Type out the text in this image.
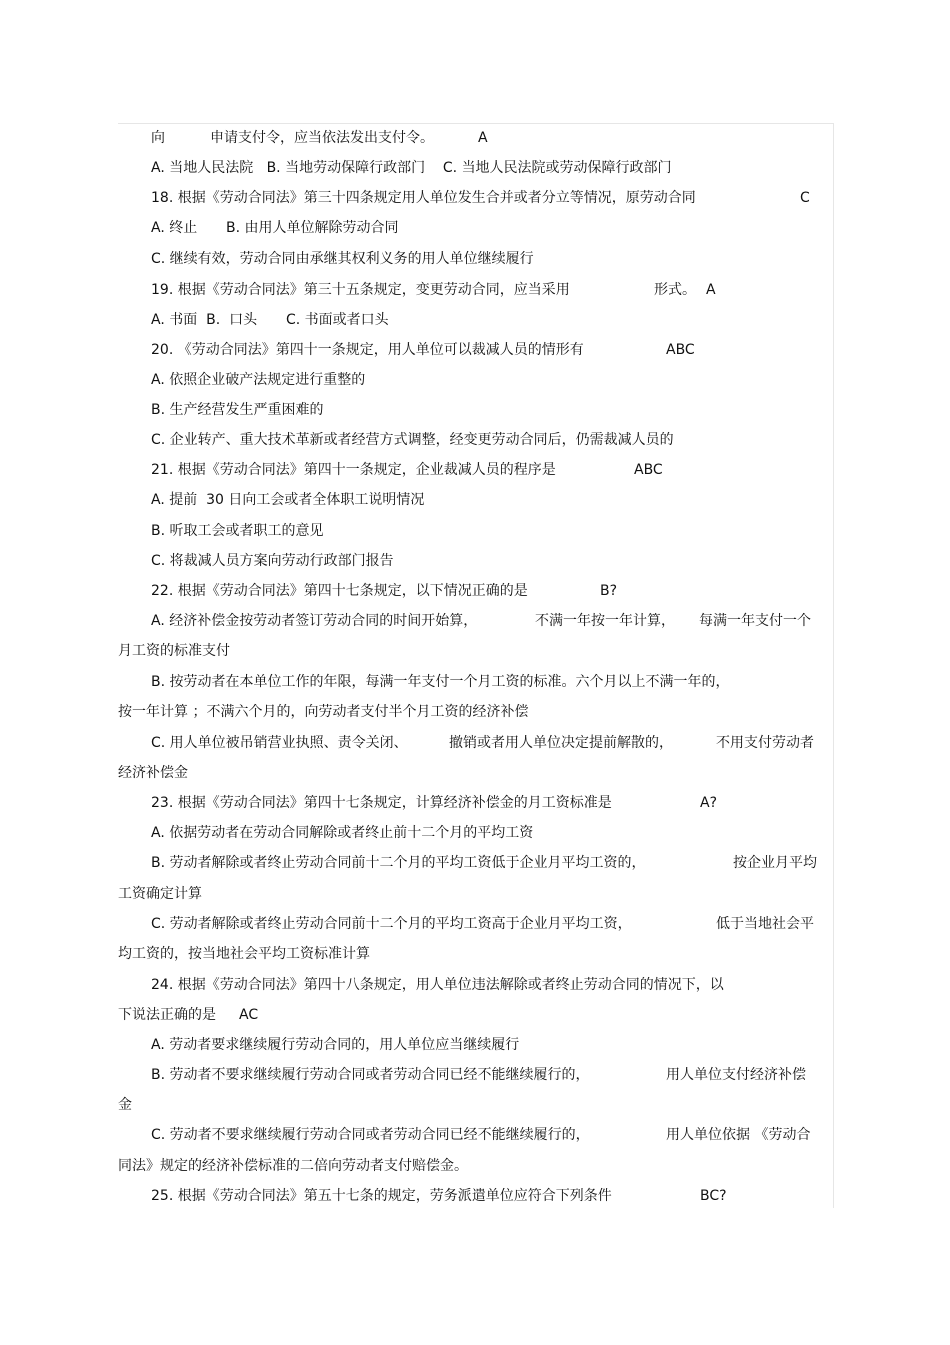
向	申请支付令，应当依法发出支付令。	A
A. 当地人民法院   B. 当地劳动保障行政部门    C. 当地人民法院或劳动保障行政部门
18. 根据《劳动合同法》第三十四条规定用人单位发生合并或者分立等情况，原劳动合同	C
A. 终止 B. 由用人单位解除劳动合同
C. 继续有效，劳动合同由承继其权利义务的用人单位继续履行
19. 根据《劳动合同法》第三十五条规定，变更劳动合同，应当采用	形式。 A
A. 书面  B.  口头 C. 书面或者口头
20. 《劳动合同法》第四十一条规定，用人单位可以裁减人员的情形有	ABC
A. 依照企业破产法规定进行重整的
B. 生产经营发生严重困难的
C. 企业转产、重大技术革新或者经营方式调整，经变更劳动合同后，仍需裁减人员的
21. 根据《劳动合同法》第四十一条规定，企业裁减人员的程序是	ABC
A. 提前  30 日向工会或者全体职工说明情况
B. 听取工会或者职工的意见
C. 将裁减人员方案向劳动行政部门报告
22. 根据《劳动合同法》第四十七条规定，以下情况正确的是	B?
A. 经济补偿金按劳动者签订劳动合同的时间开始算，	不满一年按一年计算， 每满一年支付一个
月工资的标准支付
B. 按劳动者在本单位工作的年限，每满一年支付一个月工资的标准。六个月以上不满一年的，
按一年计算 ；不满六个月的，向劳动者支付半个月工资的经济补偿
C. 用人单位被吊销营业执照、责令关闭、	撤销或者用人单位决定提前解散的，	不用支付劳动者
经济补偿金
23. 根据《劳动合同法》第四十七条规定，计算经济补偿金的月工资标准是	A?
A. 依据劳动者在劳动合同解除或者终止前十二个月的平均工资
B. 劳动者解除或者终止劳动合同前十二个月的平均工资低于企业月平均工资的，	按企业月平均
工资确定计算
C. 劳动者解除或者终止劳动合同前十二个月的平均工资高于企业月平均工资，	低于当地社会平
均工资的，按当地社会平均工资标准计算
24. 根据《劳动合同法》第四十八条规定，用人单位违法解除或者终止劳动合同的情况下，以
下说法正确的是 AC
A. 劳动者要求继续履行劳动合同的，用人单位应当继续履行
B. 劳动者不要求继续履行劳动合同或者劳动合同已经不能继续履行的，	用人单位支付经济补偿
金
C. 劳动者不要求继续履行劳动合同或者劳动合同已经不能继续履行的，	用人单位依据 《劳动合
同法》规定的经济补偿标准的二倍向劳动者支付赔偿金。
25. 根据《劳动合同法》第五十七条的规定，劳务派遣单位应符合下列条件	BC?
